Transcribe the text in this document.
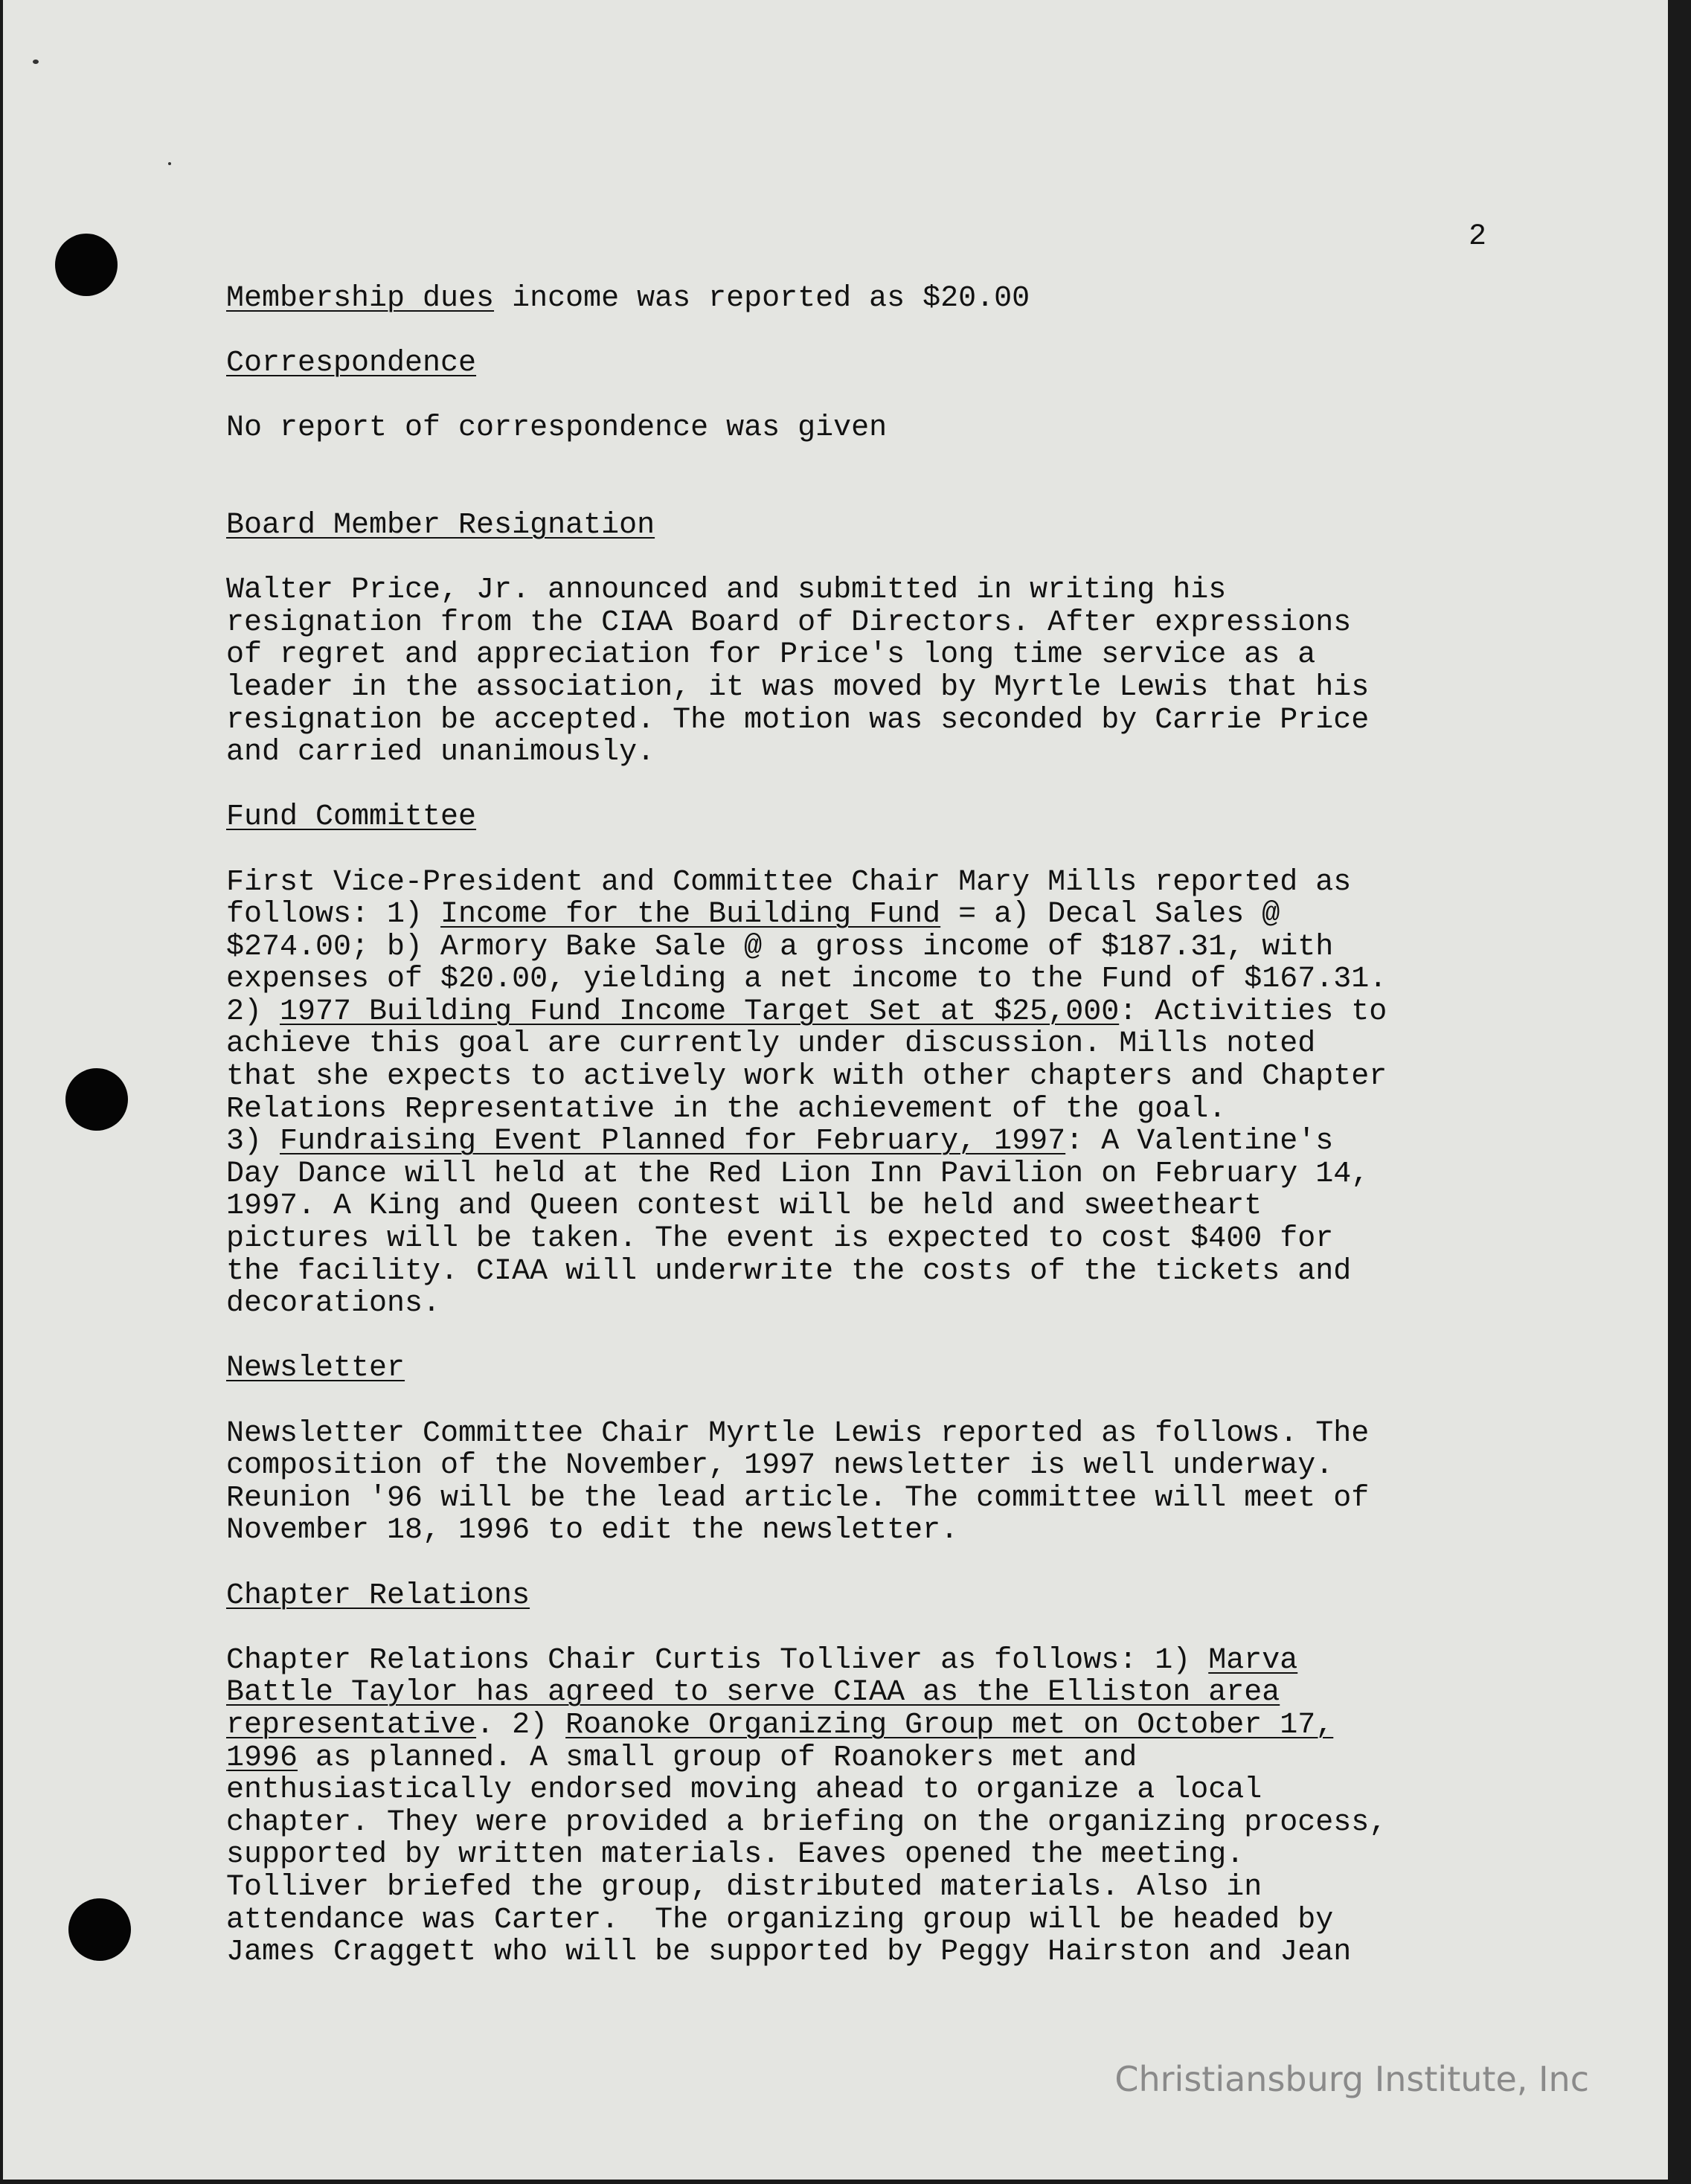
2

Membership dues income was reported as $20.00

Correspondence

No report of correspondence was given

Board Member Resignation

Walter Price, Jr. announced and submitted in writing his

resignation from the CIAA Board of Directors. After expressions

of regret and appreciation for Price's long time service as a

leader in the association, it was moved by Myrtle Lewis that his

resignation be accepted. The motion was seconded by Carrie Price

and carried unanimously.

Fund Committee

First Vice-President and Committee Chair Mary Mills reported as

follows: 1) Income for the Building Fund = a) Decal Sales @

$274.00; b) Armory Bake Sale @ a gross income of $187.31, with

expenses of $20.00, yielding a net income to the Fund of $167.31.

2) 1977 Building Fund Income Target Set at $25,000: Activities to

achieve this goal are currently under discussion. Mills noted

that she expects to actively work with other chapters and Chapter

Relations Representative in the achievement of the goal.

3) Fundraising Event Planned for February, 1997: A Valentine's

Day Dance will held at the Red Lion Inn Pavilion on February 14,

1997. A King and Queen contest will be held and sweetheart

pictures will be taken. The event is expected to cost $400 for

the facility. CIAA will underwrite the costs of the tickets and

decorations.

Newsletter

Newsletter Committee Chair Myrtle Lewis reported as follows. The

composition of the November, 1997 newsletter is well underway.

Reunion '96 will be the lead article. The committee will meet of

November 18, 1996 to edit the newsletter.

Chapter Relations

Chapter Relations Chair Curtis Tolliver as follows: 1) Marva

Battle Taylor has agreed to serve CIAA as the Elliston area

representative. 2) Roanoke Organizing Group met on October 17,

1996 as planned. A small group of Roanokers met and

enthusiastically endorsed moving ahead to organize a local

chapter. They were provided a briefing on the organizing process,

supported by written materials. Eaves opened the meeting.

Tolliver briefed the group, distributed materials. Also in

attendance was Carter.  The organizing group will be headed by

James Craggett who will be supported by Peggy Hairston and Jean

Christiansburg Institute, Inc
